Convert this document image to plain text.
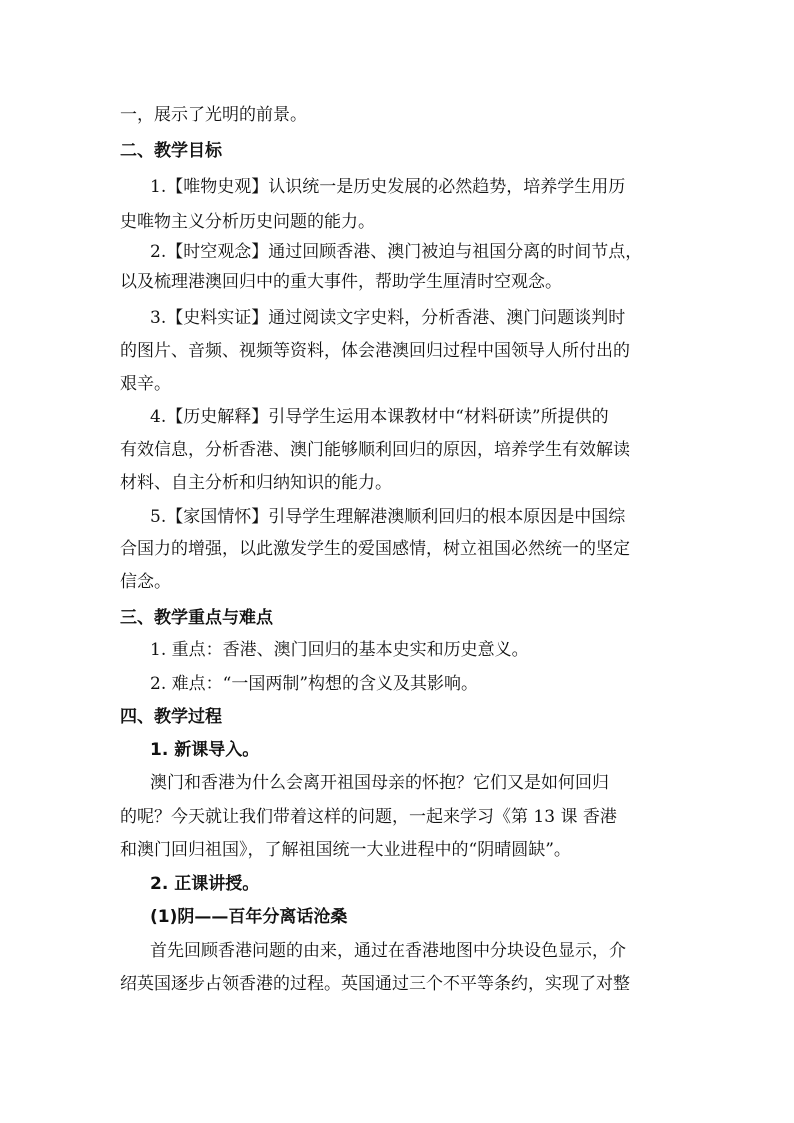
一，展示了光明的前景。
二、教学目标
1.【唯物史观】认识统一是历史发展的必然趋势，培养学生用历
史唯物主义分析历史问题的能力。
2.【时空观念】通过回顾香港、澳门被迫与祖国分离的时间节点，
以及梳理港澳回归中的重大事件，帮助学生厘清时空观念。
3.【史料实证】通过阅读文字史料，分析香港、澳门问题谈判时
的图片、音频、视频等资料，体会港澳回归过程中国领导人所付出的
艰辛。
4.【历史解释】引导学生运用本课教材中“材料研读”所提供的
有效信息，分析香港、澳门能够顺利回归的原因，培养学生有效解读
材料、自主分析和归纳知识的能力。
5.【家国情怀】引导学生理解港澳顺利回归的根本原因是中国综
合国力的增强，以此激发学生的爱国感情，树立祖国必然统一的坚定
信念。
三、教学重点与难点
1. 重点：香港、澳门回归的基本史实和历史意义。
2. 难点：“一国两制”构想的含义及其影响。
四、教学过程
1. 新课导入。
澳门和香港为什么会离开祖国母亲的怀抱？它们又是如何回归
的呢？今天就让我们带着这样的问题，一起来学习《第 13 课 香港
和澳门回归祖国》，了解祖国统一大业进程中的“阴晴圆缺”。
2. 正课讲授。
(1)阴——百年分离话沧桑
首先回顾香港问题的由来，通过在香港地图中分块设色显示，介
绍英国逐步占领香港的过程。英国通过三个不平等条约，实现了对整
